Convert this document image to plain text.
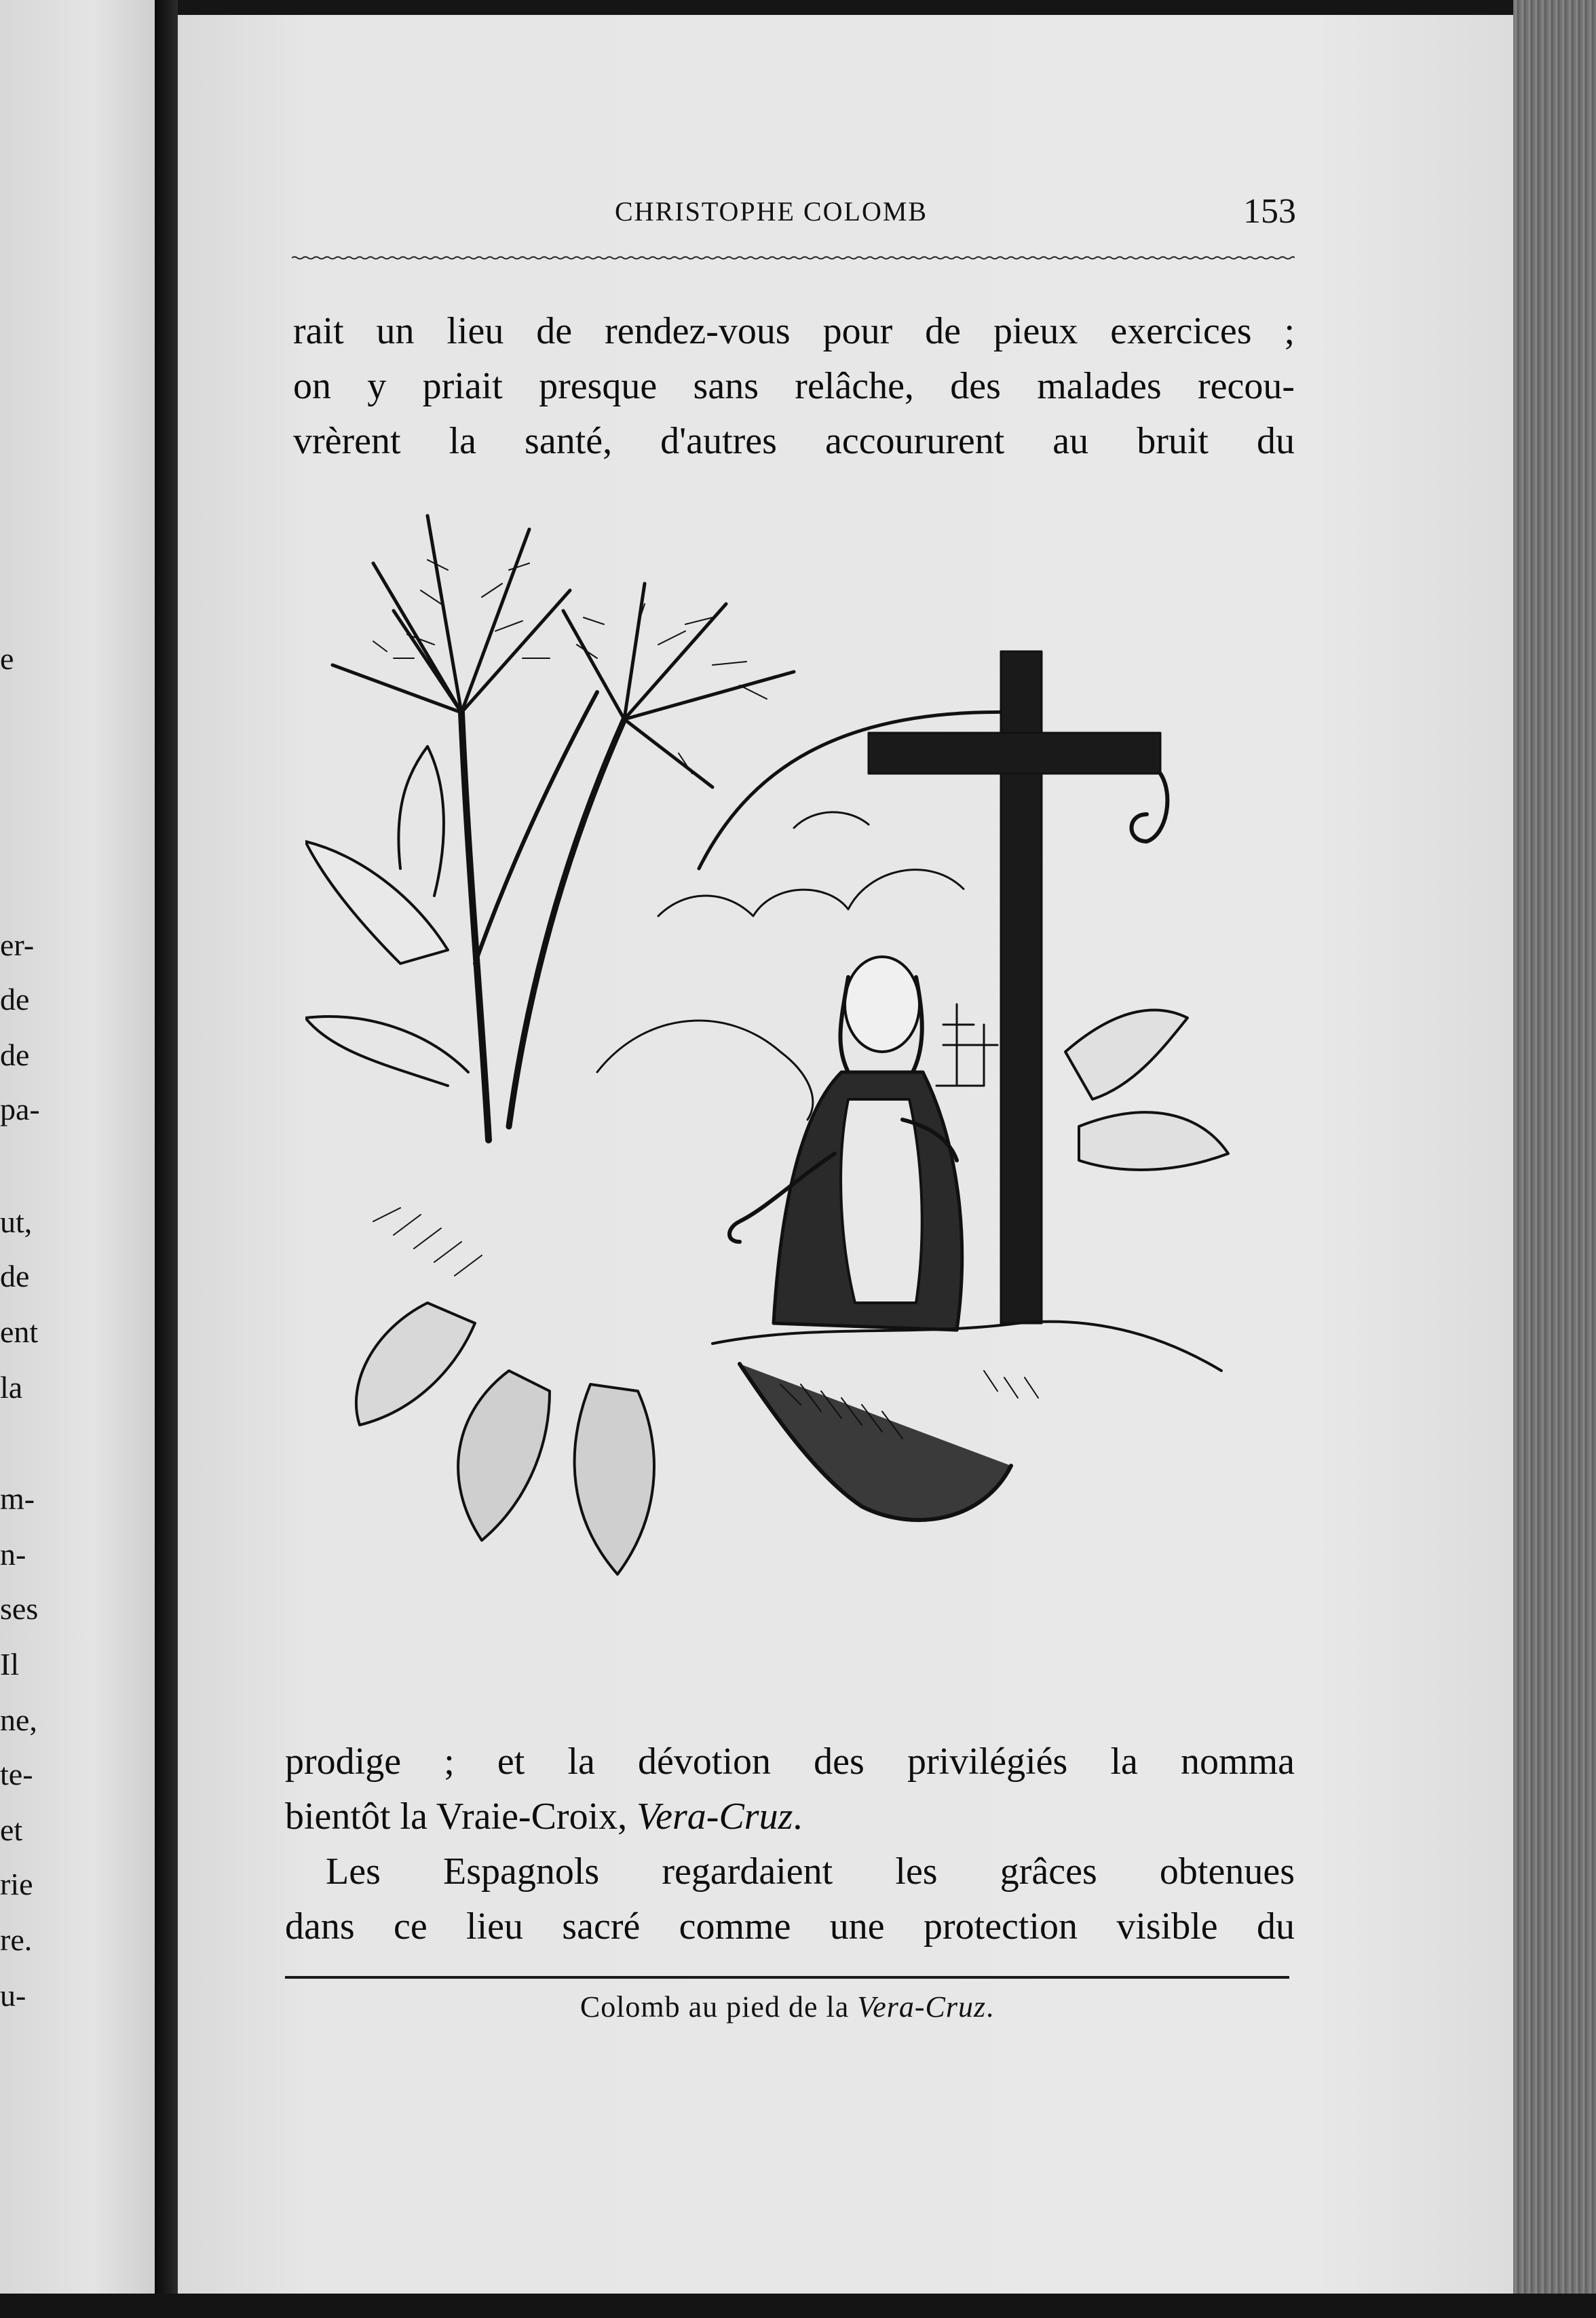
e
er-
de
de
pa-
ut,
de
ent
la
m-
n-
ses
Il
ne,
te-
et
rie
re.
u-
CHRISTOPHE COLOMB	153
rait un lieu de rendez-vous pour de pieux exercices ;
on y priait presque sans relâche, des malades recou-
vrèrent la santé, d'autres accoururent au bruit du
prodige ; et la dévotion des privilégiés la nomma
bientôt la Vraie-Croix, Vera-Cruz.
Les Espagnols regardaient les grâces obtenues
dans ce lieu sacré comme une protection visible du
Colomb au pied de la Vera-Cruz.
